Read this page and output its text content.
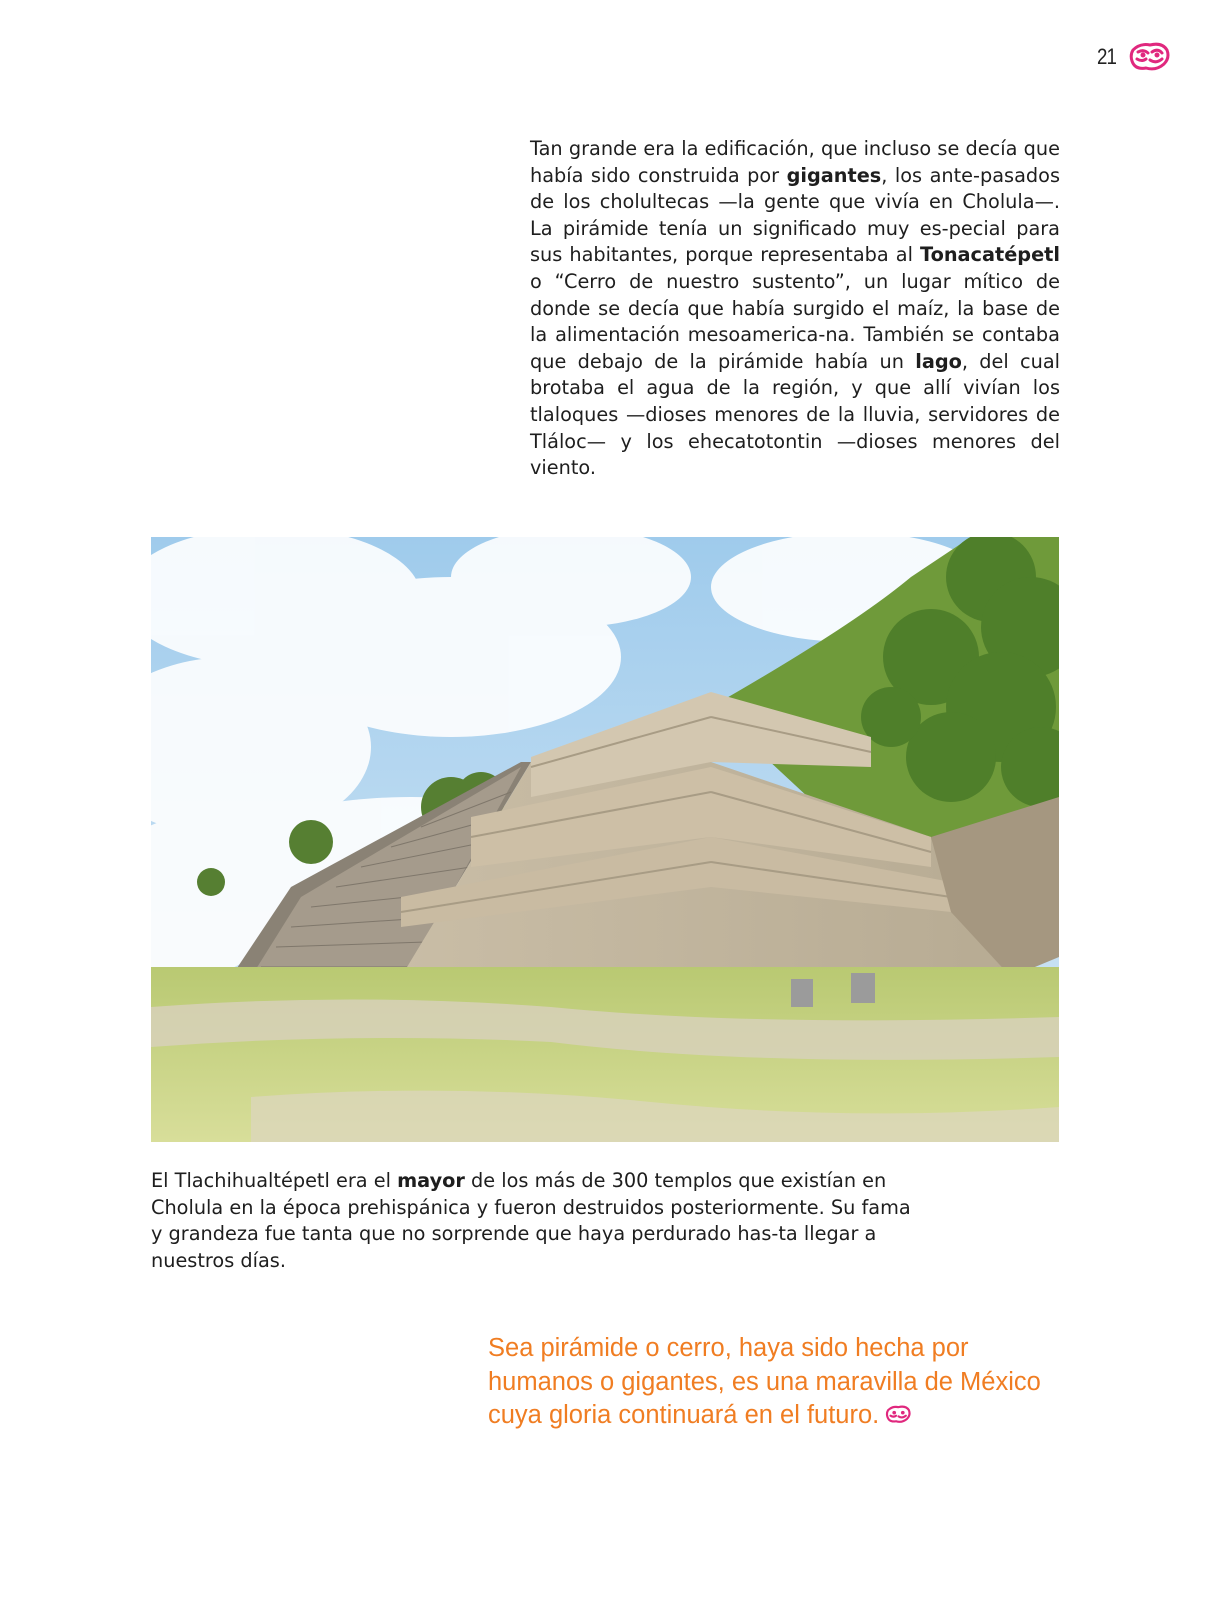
21

Tan grande era la edificación, que incluso se decía que había sido construida por gigantes, los ante-pasados de los cholultecas —la gente que vivía en Cholula—. La pirámide tenía un significado muy es-pecial para sus habitantes, porque representaba al Tonacatépetl o “Cerro de nuestro sustento”, un lugar mítico de donde se decía que había surgido el maíz, la base de la alimentación mesoamerica-na. También se contaba que debajo de la pirámide había un lago, del cual brotaba el agua de la región, y que allí vivían los tlaloques —dioses menores de la lluvia, servidores de Tláloc— y los ehecatotontin —dioses menores del viento.

El Tlachihualtépetl era el mayor de los más de 300 templos que existían en Cholula en la época prehispánica y fueron destruidos posteriormente. Su fama y grandeza fue tanta que no sorprende que haya perdurado has-ta llegar a nuestros días.

Sea pirámide o cerro, haya sido hecha por humanos o gigantes, es una maravilla de México cuya gloria continuará en el futuro.
